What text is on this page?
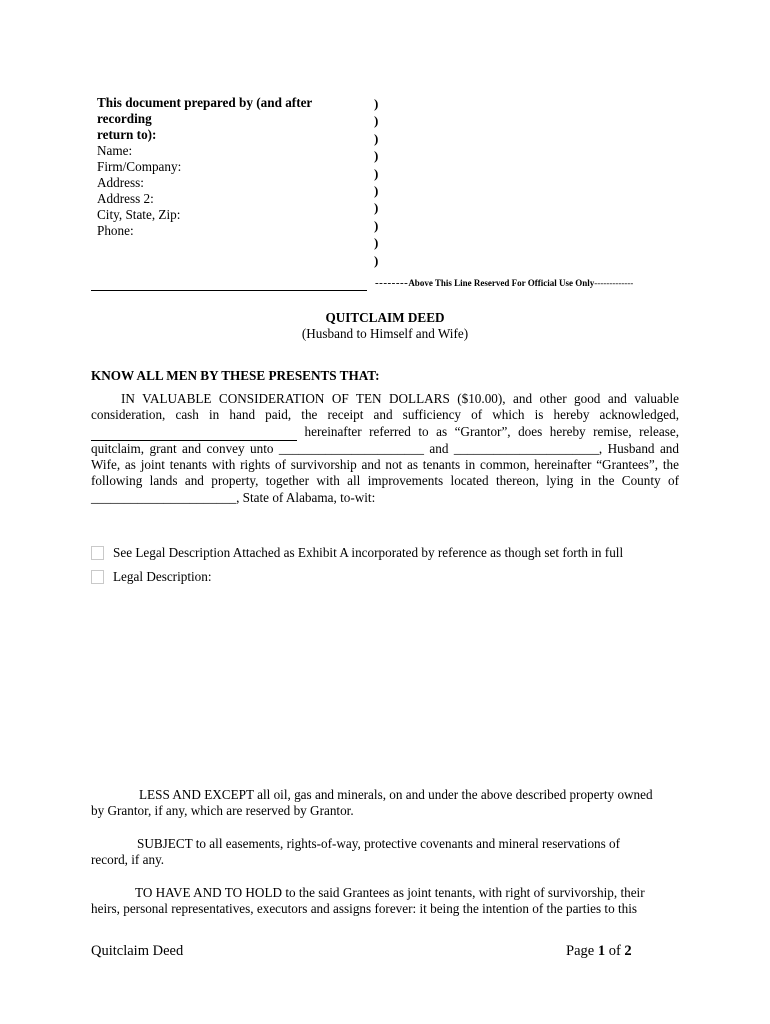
This document prepared by (and after recording
return to):
Name:
Firm/Company:
Address:
Address 2:
City, State, Zip:
Phone:
)
)
)
)
)
)
)
)
)
)
--------Above This Line Reserved For Official Use Only-------------
QUITCLAIM DEED
(Husband to Himself and Wife)
KNOW ALL MEN BY THESE PRESENTS THAT:
IN VALUABLE CONSIDERATION OF TEN DOLLARS ($10.00), and other good and valuable consideration, cash in hand paid, the receipt and sufficiency of which is hereby acknowledged,   hereinafter referred to as “Grantor”, does hereby remise, release, quitclaim, grant and convey unto ______________________ and ______________________, Husband and Wife, as joint tenants with rights of survivorship and not as tenants in common, hereinafter “Grantees”, the following lands and property, together with all improvements located thereon, lying in the County of ______________________, State of Alabama, to-wit:
See Legal Description Attached as Exhibit A incorporated by reference as though set forth in full
Legal Description:
LESS AND EXCEPT all oil, gas and minerals, on and under the above described property owned
by Grantor, if any, which are reserved by Grantor.
SUBJECT to all easements, rights-of-way, protective covenants and mineral reservations of
record, if any.
TO HAVE AND TO HOLD to the said Grantees as joint tenants, with right of survivorship, their
heirs, personal representatives, executors and assigns forever: it being the intention of the parties to this
Quitclaim Deed	Page 1 of 2
